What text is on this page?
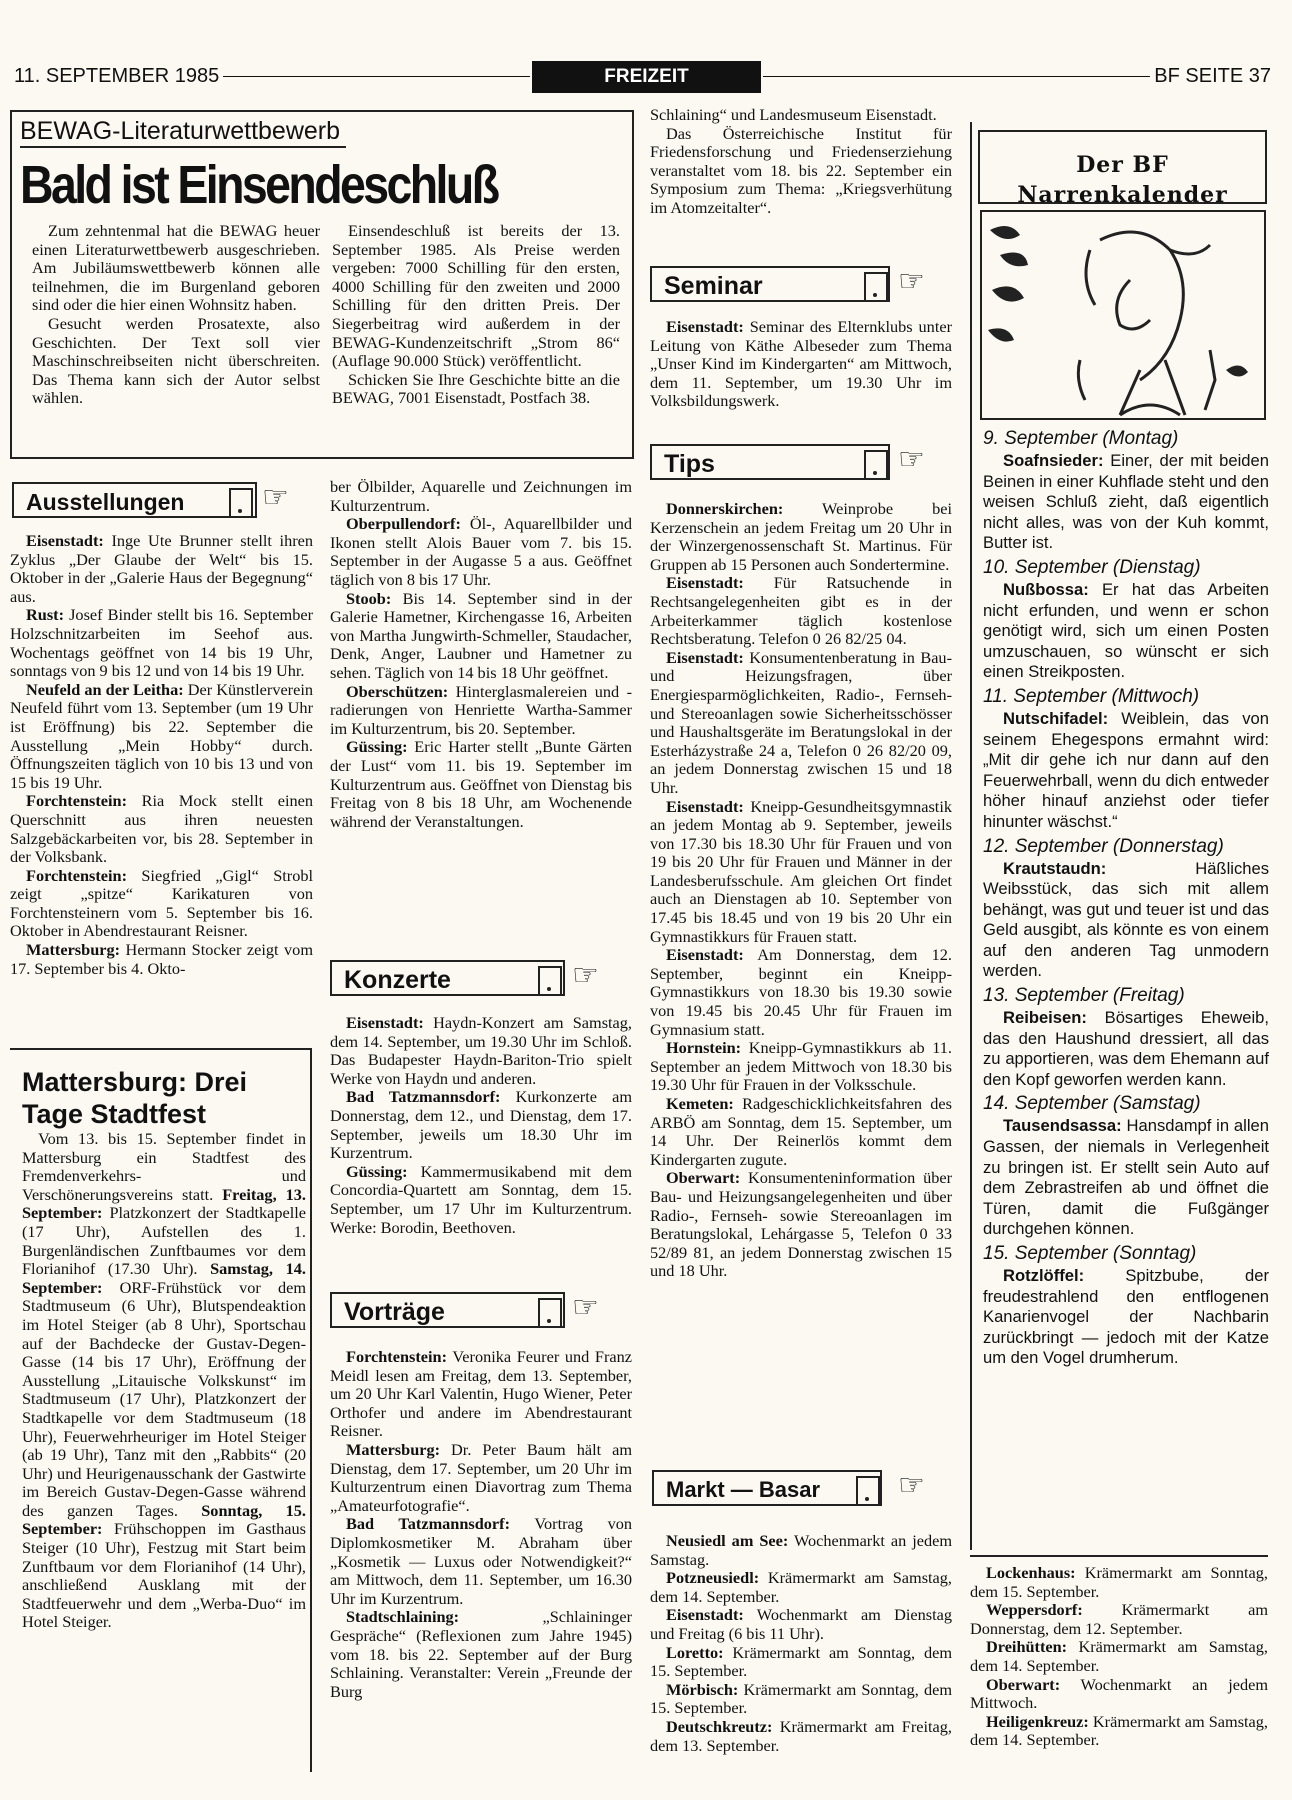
11. SEPTEMBER 1985	FREIZEIT	BF SEITE 37
BEWAG-Literaturwettbewerb
Bald ist Einsendeschluß

Zum zehntenmal hat die BEWAG heuer einen Literaturwettbewerb ausgeschrieben. Am Jubiläumswettbewerb können alle teilnehmen, die im Burgenland geboren sind oder die hier einen Wohnsitz haben.

Gesucht werden Prosatexte, also Geschichten. Der Text soll vier Maschinschreibseiten nicht überschreiten. Das Thema kann sich der Autor selbst wählen.

Einsendeschluß ist bereits der 13. September 1985. Als Preise werden vergeben: 7000 Schilling für den ersten, 4000 Schilling für den zweiten und 2000 Schilling für den dritten Preis. Der Siegerbeitrag wird außerdem in der BEWAG-Kundenzeitschrift „Strom 86“ (Auflage 90.000 Stück) veröffentlicht.

Schicken Sie Ihre Geschichte bitte an die BEWAG, 7001 Eisenstadt, Postfach 38.

Ausstellungen	☞

Eisenstadt: Inge Ute Brunner stellt ihren Zyklus „Der Glaube der Welt“ bis 15. Oktober in der „Galerie Haus der Begegnung“ aus.

Rust: Josef Binder stellt bis 16. September Holzschnitzarbeiten im Seehof aus. Wochentags geöffnet von 14 bis 19 Uhr, sonntags von 9 bis 12 und von 14 bis 19 Uhr.

Neufeld an der Leitha: Der Künstlerverein Neufeld führt vom 13. September (um 19 Uhr ist Eröffnung) bis 22. September die Ausstellung „Mein Hobby“ durch. Öffnungszeiten täglich von 10 bis 13 und von 15 bis 19 Uhr.

Forchtenstein: Ria Mock stellt einen Querschnitt aus ihren neuesten Salzgebäckarbeiten vor, bis 28. September in der Volksbank.

Forchtenstein: Siegfried „Gigl“ Strobl zeigt „spitze“ Karikaturen von Forchtensteinern vom 5. September bis 16. Oktober in Abendrestaurant Reisner.

Mattersburg: Hermann Stocker zeigt vom 17. September bis 4. Okto-

Mattersburg: Drei Tage Stadtfest

Vom 13. bis 15. September findet in Mattersburg ein Stadtfest des Fremdenverkehrs- und Verschönerungsvereins statt. Freitag, 13. September: Platzkonzert der Stadtkapelle (17 Uhr), Aufstellen des 1. Burgenländischen Zunftbaumes vor dem Florianihof (17.30 Uhr). Samstag, 14. September: ORF-Frühstück vor dem Stadtmuseum (6 Uhr), Blutspendeaktion im Hotel Steiger (ab 8 Uhr), Sportschau auf der Bachdecke der Gustav-Degen-Gasse (14 bis 17 Uhr), Eröffnung der Ausstellung „Litauische Volkskunst“ im Stadtmuseum (17 Uhr), Platzkonzert der Stadtkapelle vor dem Stadtmuseum (18 Uhr), Feuerwehrheuriger im Hotel Steiger (ab 19 Uhr), Tanz mit den „Rabbits“ (20 Uhr) und Heurigenausschank der Gastwirte im Bereich Gustav-Degen-Gasse während des ganzen Tages. Sonntag, 15. September: Frühschoppen im Gasthaus Steiger (10 Uhr), Festzug mit Start beim Zunftbaum vor dem Florianihof (14 Uhr), anschließend Ausklang mit der Stadtfeuerwehr und dem „Werba-Duo“ im Hotel Steiger.

ber Ölbilder, Aquarelle und Zeichnungen im Kulturzentrum.

Oberpullendorf: Öl-, Aquarellbilder und Ikonen stellt Alois Bauer vom 7. bis 15. September in der Augasse 5 a aus. Geöffnet täglich von 8 bis 17 Uhr.

Stoob: Bis 14. September sind in der Galerie Hametner, Kirchengasse 16, Arbeiten von Martha Jungwirth-Schmeller, Staudacher, Denk, Anger, Laubner und Hametner zu sehen. Täglich von 14 bis 18 Uhr geöffnet.

Oberschützen: Hinterglasmalereien und -radierungen von Henriette Wartha-Sammer im Kulturzentrum, bis 20. September.

Güssing: Eric Harter stellt „Bunte Gärten der Lust“ vom 11. bis 19. September im Kulturzentrum aus. Geöffnet von Dienstag bis Freitag von 8 bis 18 Uhr, am Wochenende während der Veranstaltungen.

Konzerte	☞

Eisenstadt: Haydn-Konzert am Samstag, dem 14. September, um 19.30 Uhr im Schloß. Das Budapester Haydn-Bariton-Trio spielt Werke von Haydn und anderen.

Bad Tatzmannsdorf: Kurkonzerte am Donnerstag, dem 12., und Dienstag, dem 17. September, jeweils um 18.30 Uhr im Kurzentrum.

Güssing: Kammermusikabend mit dem Concordia-Quartett am Sonntag, dem 15. September, um 17 Uhr im Kulturzentrum. Werke: Borodin, Beethoven.

Vorträge	☞

Forchtenstein: Veronika Feurer und Franz Meidl lesen am Freitag, dem 13. September, um 20 Uhr Karl Valentin, Hugo Wiener, Peter Orthofer und andere im Abendrestaurant Reisner.

Mattersburg: Dr. Peter Baum hält am Dienstag, dem 17. September, um 20 Uhr im Kulturzentrum einen Diavortrag zum Thema „Amateurfotografie“.

Bad Tatzmannsdorf: Vortrag von Diplomkosmetiker M. Abraham über „Kosmetik — Luxus oder Notwendigkeit?“ am Mittwoch, dem 11. September, um 16.30 Uhr im Kurzentrum.

Stadtschlaining: „Schlaininger Gespräche“ (Reflexionen zum Jahre 1945) vom 18. bis 22. September auf der Burg Schlaining. Veranstalter: Verein „Freunde der Burg

Schlaining“ und Landesmuseum Eisenstadt.

Das Österreichische Institut für Friedensforschung und Friedenserziehung veranstaltet vom 18. bis 22. September ein Symposium zum Thema: „Kriegsverhütung im Atomzeitalter“.

Seminar	☞

Eisenstadt: Seminar des Elternklubs unter Leitung von Käthe Albeseder zum Thema „Unser Kind im Kindergarten“ am Mittwoch, dem 11. September, um 19.30 Uhr im Volksbildungswerk.

Tips	☞

Donnerskirchen: Weinprobe bei Kerzenschein an jedem Freitag um 20 Uhr in der Winzergenossenschaft St. Martinus. Für Gruppen ab 15 Personen auch Sondertermine.

Eisenstadt: Für Ratsuchende in Rechtsangelegenheiten gibt es in der Arbeiterkammer täglich kostenlose Rechtsberatung. Telefon 0 26 82/25 04.

Eisenstadt: Konsumentenberatung in Bau- und Heizungsfragen, über Energiesparmöglichkeiten, Radio-, Fernseh- und Stereoanlagen sowie Sicherheitsschösser und Haushaltsgeräte im Beratungslokal in der Esterházystraße 24 a, Telefon 0 26 82/20 09, an jedem Donnerstag zwischen 15 und 18 Uhr.

Eisenstadt: Kneipp-Gesundheitsgymnastik an jedem Montag ab 9. September, jeweils von 17.30 bis 18.30 Uhr für Frauen und von 19 bis 20 Uhr für Frauen und Männer in der Landesberufsschule. Am gleichen Ort findet auch an Dienstagen ab 10. September von 17.45 bis 18.45 und von 19 bis 20 Uhr ein Gymnastikkurs für Frauen statt.

Eisenstadt: Am Donnerstag, dem 12. September, beginnt ein Kneipp-Gymnastikkurs von 18.30 bis 19.30 sowie von 19.45 bis 20.45 Uhr für Frauen im Gymnasium statt.

Hornstein: Kneipp-Gymnastikkurs ab 11. September an jedem Mittwoch von 18.30 bis 19.30 Uhr für Frauen in der Volksschule.

Kemeten: Radgeschicklichkeitsfahren des ARBÖ am Sonntag, dem 15. September, um 14 Uhr. Der Reinerlös kommt dem Kindergarten zugute.

Oberwart: Konsumenteninformation über Bau- und Heizungsangelegenheiten und über Radio-, Fernseh- sowie Stereoanlagen im Beratungslokal, Lehárgasse 5, Telefon 0 33 52/89 81, an jedem Donnerstag zwischen 15 und 18 Uhr.

Markt — Basar	☞

Neusiedl am See: Wochenmarkt an jedem Samstag.

Potzneusiedl: Krämermarkt am Samstag, dem 14. September.

Eisenstadt: Wochenmarkt am Dienstag und Freitag (6 bis 11 Uhr).

Loretto: Krämermarkt am Sonntag, dem 15. September.

Mörbisch: Krämermarkt am Sonntag, dem 15. September.

Deutschkreutz: Krämermarkt am Freitag, dem 13. September.

Der BF Narrenkalender
9. September (Montag)

Soafnsieder: Einer, der mit beiden Beinen in einer Kuhflade steht und den weisen Schluß zieht, daß eigentlich nicht alles, was von der Kuh kommt, Butter ist.

10. September (Dienstag)

Nußbossa: Er hat das Arbeiten nicht erfunden, und wenn er schon genötigt wird, sich um einen Posten umzuschauen, so wünscht er sich einen Streikposten.

11. September (Mittwoch)

Nutschifadel: Weiblein, das von seinem Ehegespons ermahnt wird: „Mit dir gehe ich nur dann auf den Feuerwehrball, wenn du dich entweder höher hinauf anziehst oder tiefer hinunter wäschst.“

12. September (Donnerstag)

Krautstaudn: Häßliches Weibsstück, das sich mit allem behängt, was gut und teuer ist und das Geld ausgibt, als könnte es von einem auf den anderen Tag unmodern werden.

13. September (Freitag)

Reibeisen: Bösartiges Eheweib, das den Haushund dressiert, all das zu apportieren, was dem Ehemann auf den Kopf geworfen werden kann.

14. September (Samstag)

Tausendsassa: Hansdampf in allen Gassen, der niemals in Verlegenheit zu bringen ist. Er stellt sein Auto auf dem Zebrastreifen ab und öffnet die Türen, damit die Fußgänger durchgehen können.

15. September (Sonntag)

Rotzlöffel: Spitzbube, der freudestrahlend den entflogenen Kanarienvogel der Nachbarin zurückbringt — jedoch mit der Katze um den Vogel drumherum.

Lockenhaus: Krämermarkt am Sonntag, dem 15. September.

Weppersdorf: Krämermarkt am Donnerstag, dem 12. September.

Dreihütten: Krämermarkt am Samstag, dem 14. September.

Oberwart: Wochenmarkt an jedem Mittwoch.

Heiligenkreuz: Krämermarkt am Samstag, dem 14. September.
